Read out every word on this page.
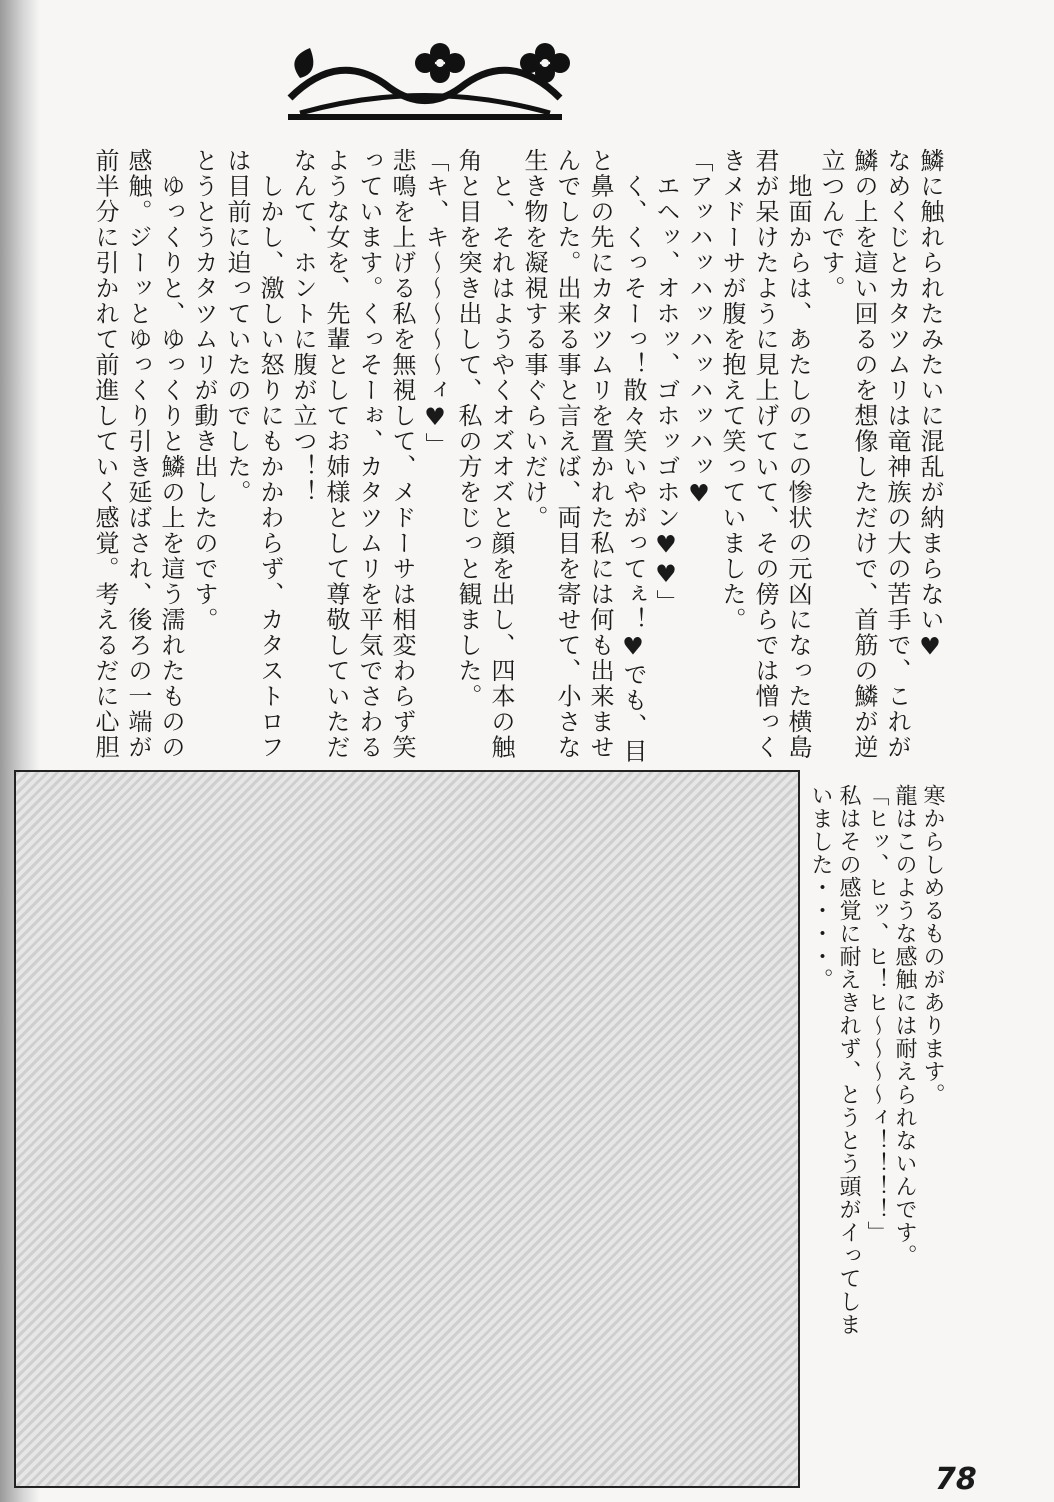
鱗に触れられたみたいに混乱が納まらない♥
なめくじとカタツムリは竜神族の大の苦手で、これが
鱗の上を這い回るのを想像しただけで、首筋の鱗が逆
立つんです。
　地面からは、あたしのこの惨状の元凶になった横島
君が呆けたように見上げていて、その傍らでは憎っく
きメドーサが腹を抱えて笑っていました。
「アッハッハッハッハッハッ♥
　エヘッ、オホッ、ゴホッゴホン♥♥」
　く、くっそーっ！散々笑いやがってぇ！♥でも、目
と鼻の先にカタツムリを置かれた私には何も出来ませ
んでした。出来る事と言えば、両目を寄せて、小さな
生き物を凝視する事ぐらいだけ。
　と、それはようやくオズオズと顔を出し、四本の触
角と目を突き出して、私の方をじっと観ました。
「キ、キ〜〜〜〜〜ィ♥」
悲鳴を上げる私を無視して、メドーサは相変わらず笑
っています。くっそーぉ、カタツムリを平気でさわる
ような女を、先輩としてお姉様として尊敬していただ
なんて、ホントに腹が立つ！！
　しかし、激しい怒りにもかかわらず、カタストロフ
は目前に迫っていたのでした。
とうとうカタツムリが動き出したのです。
　ゆっくりと、ゆっくりと鱗の上を這う濡れたものの
感触。ジーッとゆっくり引き延ばされ、後ろの一端が
前半分に引かれて前進していく感覚。考えるだに心胆
寒からしめるものがあります。
龍はこのような感触には耐えられないんです。
「ヒッ、ヒッ、ヒ！ヒ〜〜〜〜ィ！！！！」
私はその感覚に耐えきれず、とうとう頭がイってしま
いました・・・・。
78
